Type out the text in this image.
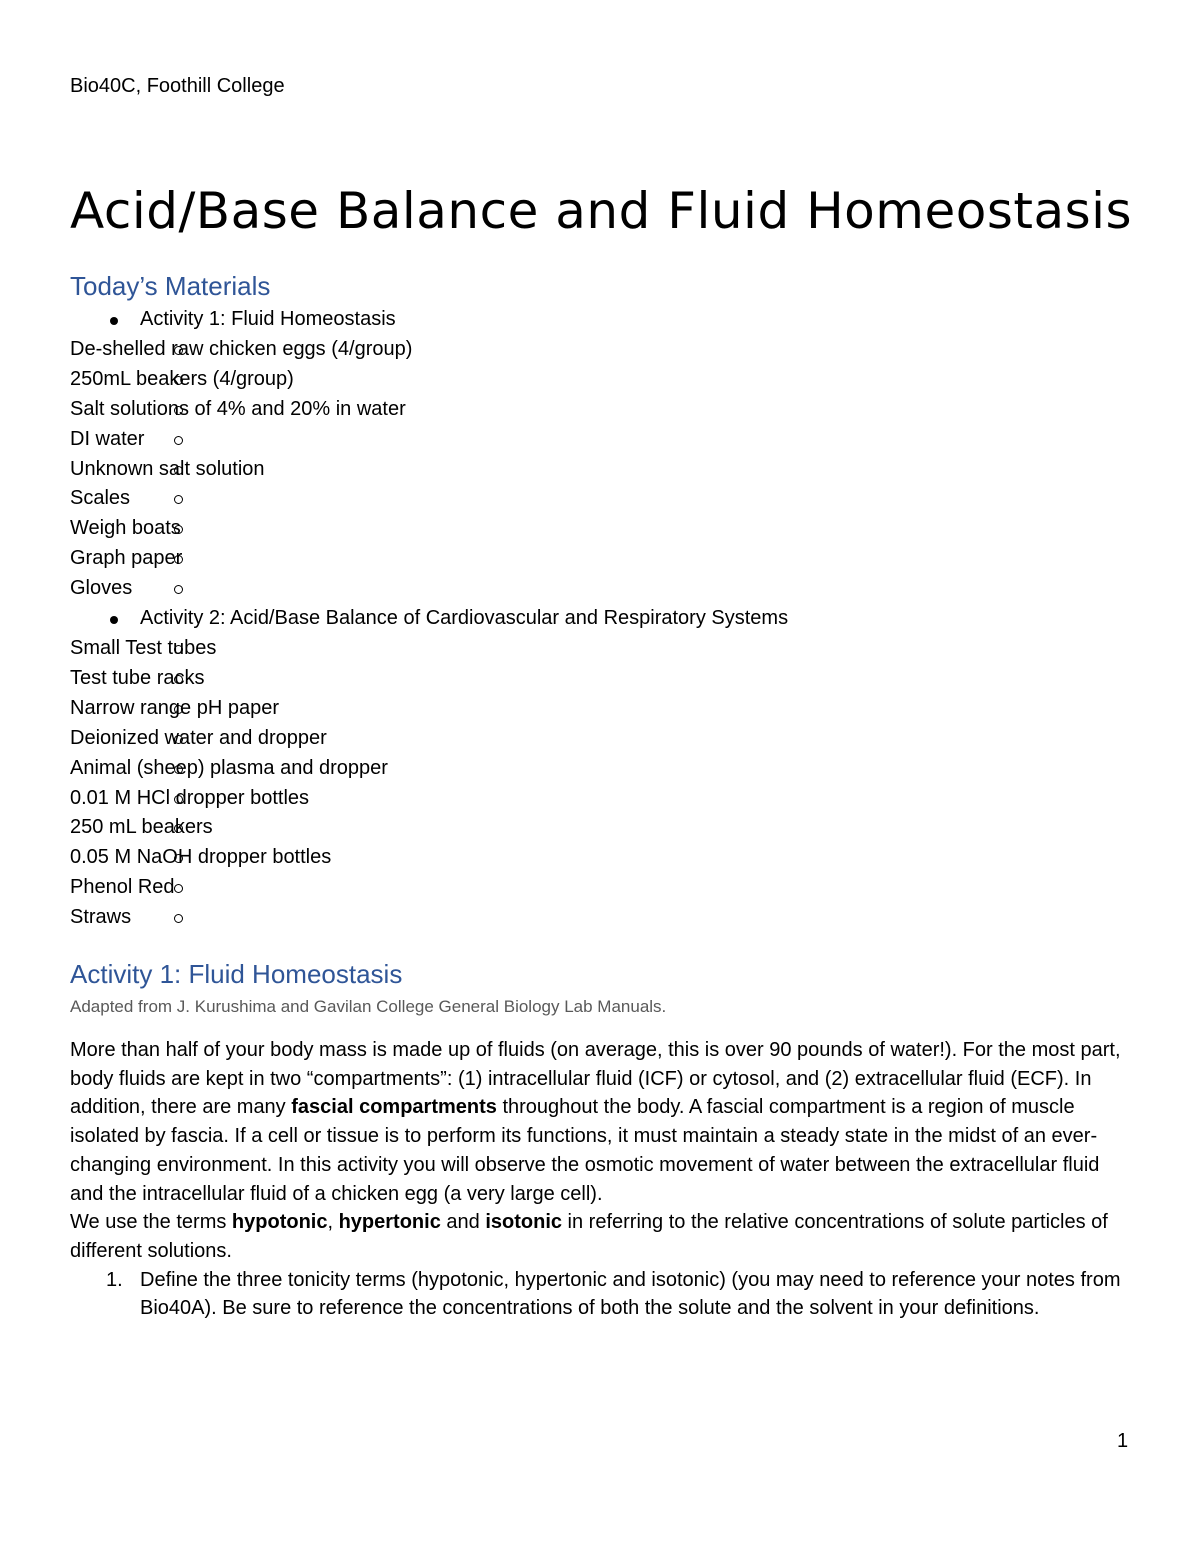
Bio40C, Foothill College
Acid/Base Balance and Fluid Homeostasis
Today’s Materials
Activity 1: Fluid Homeostasis
De-shelled raw chicken eggs (4/group)
250mL beakers (4/group)
Salt solutions of 4% and 20% in water
DI water
Unknown salt solution
Scales
Weigh boats
Graph paper
Gloves
Activity 2: Acid/Base Balance of Cardiovascular and Respiratory Systems
Small Test tubes
Test tube racks
Narrow range pH paper
Deionized water and dropper
Animal (sheep) plasma and dropper
0.01 M HCl dropper bottles
250 mL beakers
0.05 M NaOH dropper bottles
Phenol Red
Straws
Activity 1: Fluid Homeostasis
Adapted from J. Kurushima and Gavilan College General Biology Lab Manuals.

More than half of your body mass is made up of fluids (on average, this is over 90 pounds of water!). For the most part, body fluids are kept in two “compartments”: (1) intracellular fluid (ICF) or cytosol, and (2) extracellular fluid (ECF). In addition, there are many fascial compartments throughout the body. A fascial compartment is a region of muscle isolated by fascia. If a cell or tissue is to perform its functions, it must maintain a steady state in the midst of an ever-changing environment. In this activity you will observe the osmotic movement of water between the extracellular fluid and the intracellular fluid of a chicken egg (a very large cell).

We use the terms hypotonic, hypertonic and isotonic in referring to the relative concentrations of solute particles of different solutions.

1. Define the three tonicity terms (hypotonic, hypertonic and isotonic) (you may need to reference your notes from Bio40A). Be sure to reference the concentrations of both the solute and the solvent in your definitions.
1
